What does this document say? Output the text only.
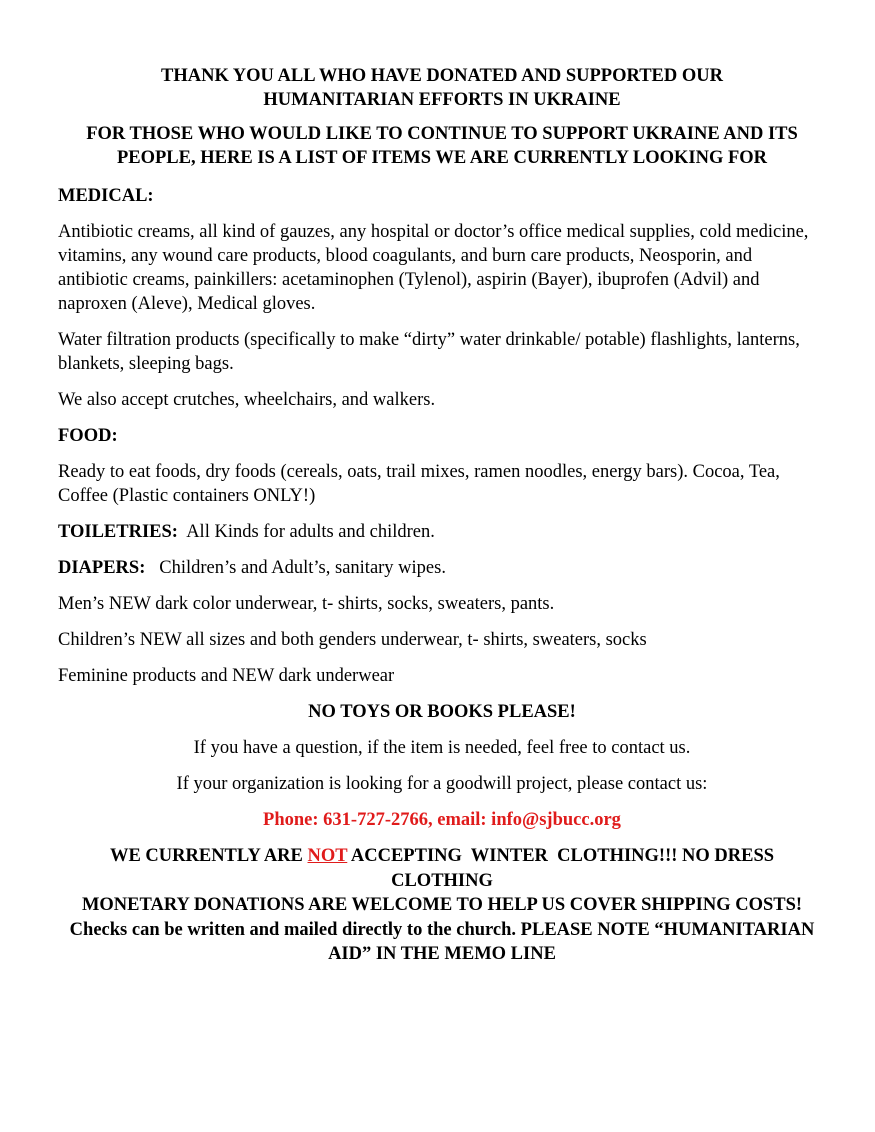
THANK YOU ALL WHO HAVE DONATED AND SUPPORTED OUR HUMANITARIAN EFFORTS IN UKRAINE
FOR THOSE WHO WOULD LIKE TO CONTINUE TO SUPPORT UKRAINE AND ITS PEOPLE, HERE IS A LIST OF ITEMS WE ARE CURRENTLY LOOKING FOR
MEDICAL:

Antibiotic creams, all kind of gauzes, any hospital or doctor’s office medical supplies, cold medicine, vitamins, any wound care products, blood coagulants, and burn care products, Neosporin, and antibiotic creams, painkillers: acetaminophen (Tylenol), aspirin (Bayer), ibuprofen (Advil) and naproxen (Aleve), Medical gloves.

Water filtration products (specifically to make “dirty” water drinkable/ potable) flashlights, lanterns, blankets, sleeping bags.

We also accept crutches, wheelchairs, and walkers.

FOOD:

Ready to eat foods, dry foods (cereals, oats, trail mixes, ramen noodles, energy bars). Cocoa, Tea, Coffee (Plastic containers ONLY!)

TOILETRIES:  All Kinds for adults and children.

DIAPERS:   Children’s and Adult’s, sanitary wipes.

Men’s NEW dark color underwear, t- shirts, socks, sweaters, pants.

Children’s NEW all sizes and both genders underwear, t- shirts, sweaters, socks

Feminine products and NEW dark underwear

NO TOYS OR BOOKS PLEASE!

If you have a question, if the item is needed, feel free to contact us.

If your organization is looking for a goodwill project, please contact us:

Phone: 631-727-2766, email: info@sjbucc.org

WE CURRENTLY ARE NOT ACCEPTING  WINTER  CLOTHING!!! NO DRESS CLOTHING

MONETARY DONATIONS ARE WELCOME TO HELP US COVER SHIPPING COSTS!

Checks can be written and mailed directly to the church. PLEASE NOTE “HUMANITARIAN AID” IN THE MEMO LINE
